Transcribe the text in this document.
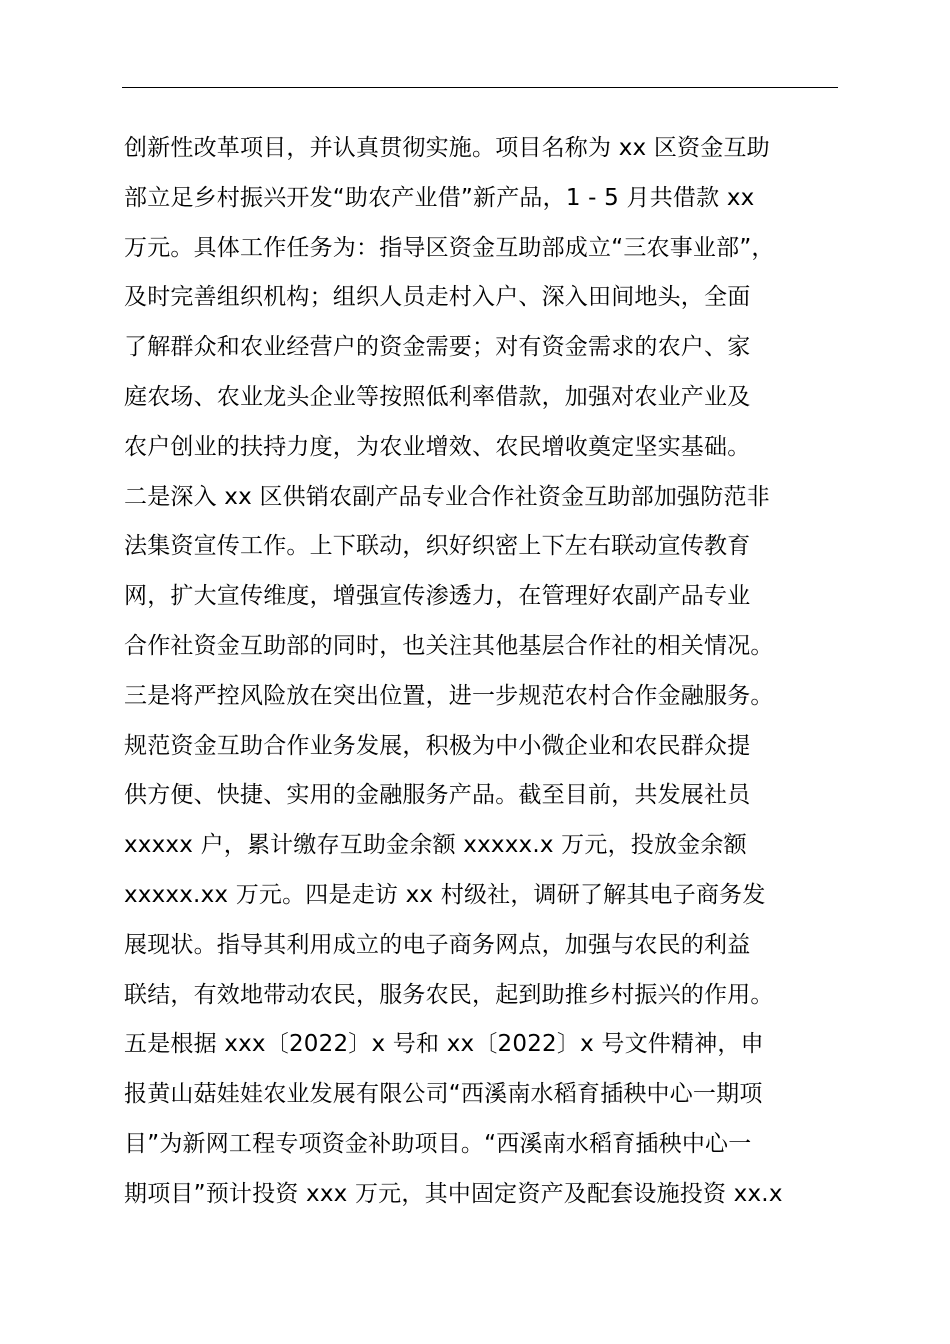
创新性改革项目，并认真贯彻实施。项目名称为 xx 区资金互助
部立足乡村振兴开发“助农产业借”新产品，1 - 5 月共借款 xx
万元。具体工作任务为：指导区资金互助部成立“三农事业部”，
及时完善组织机构；组织人员走村入户、深入田间地头，全面
了解群众和农业经营户的资金需要；对有资金需求的农户、家
庭农场、农业龙头企业等按照低利率借款，加强对农业产业及
农户创业的扶持力度，为农业增效、农民增收奠定坚实基础。
二是深入 xx 区供销农副产品专业合作社资金互助部加强防范非
法集资宣传工作。上下联动，织好织密上下左右联动宣传教育
网，扩大宣传维度，增强宣传渗透力，在管理好农副产品专业
合作社资金互助部的同时，也关注其他基层合作社的相关情况。
三是将严控风险放在突出位置，进一步规范农村合作金融服务。
规范资金互助合作业务发展，积极为中小微企业和农民群众提
供方便、快捷、实用的金融服务产品。截至目前，共发展社员
xxxxx 户，累计缴存互助金余额 xxxxx.x 万元，投放金余额
xxxxx.xx 万元。四是走访 xx 村级社，调研了解其电子商务发
展现状。指导其利用成立的电子商务网点，加强与农民的利益
联结，有效地带动农民，服务农民，起到助推乡村振兴的作用。
五是根据 xxx〔2022〕x 号和 xx〔2022〕x 号文件精神，申
报黄山菇娃娃农业发展有限公司“西溪南水稻育插秧中心一期项
目”为新网工程专项资金补助项目。“西溪南水稻育插秧中心一
期项目”预计投资 xxx 万元，其中固定资产及配套设施投资 xx.x
